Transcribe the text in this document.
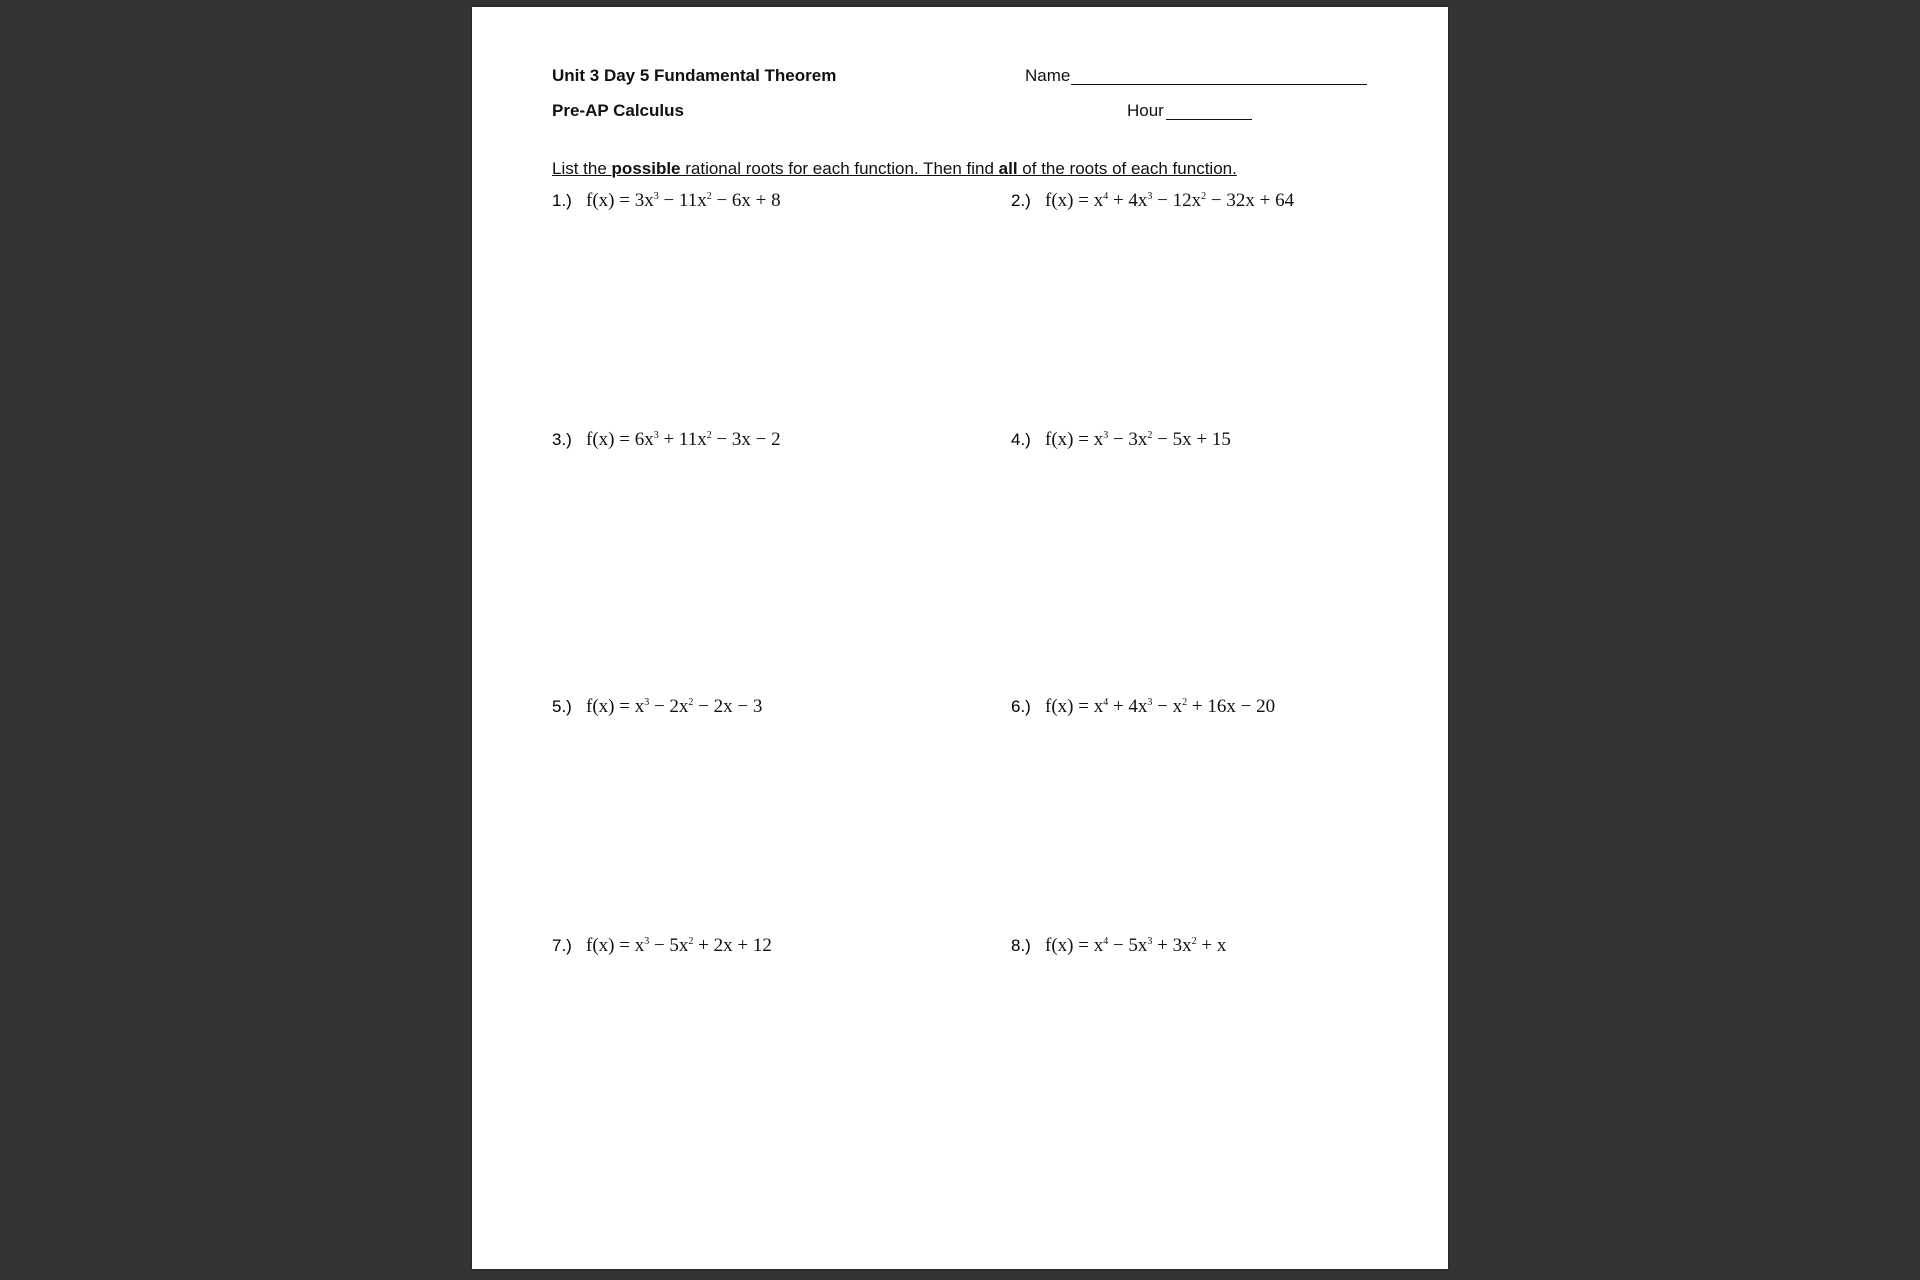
Unit 3 Day 5 Fundamental Theorem
Pre-AP Calculus
Name
Hour
List the possible rational roots for each function. Then find all of the roots of each function.
1.) $f(x) = 3x^3 - 11x^2 - 6x + 8$	2.) $f(x) = x^4 + 4x^3 - 12x^2 - 32x + 64$
3.) $f(x) = 6x^3 + 11x^2 - 3x - 2$	4.) $f(x) = x^3 - 3x^2 - 5x + 15$
5.) $f(x) = x^3 - 2x^2 - 2x - 3$	6.) $f(x) = x^4 + 4x^3 - x^2 + 16x - 20$
7.) $f(x) = x^3 - 5x^2 + 2x + 12$	8.) $f(x) = x^4 - 5x^3 + 3x^2 + x$
